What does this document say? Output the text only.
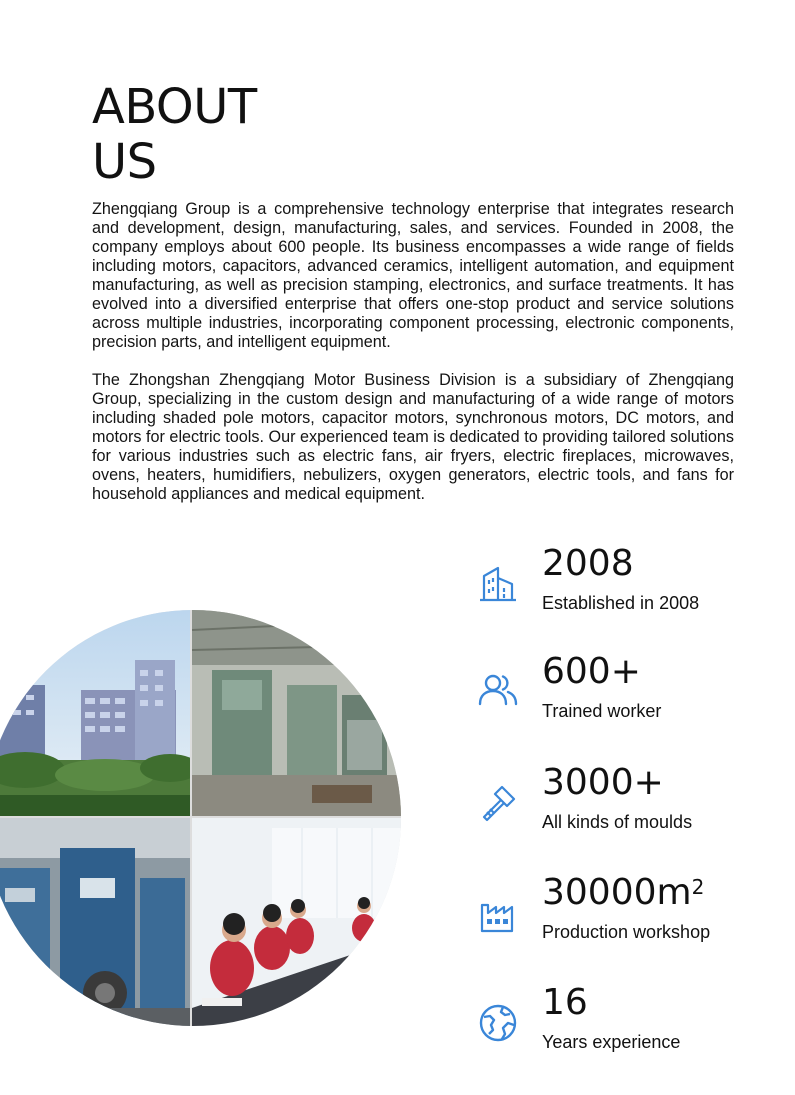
ABOUT
US

Zhengqiang Group is a comprehensive technology enterprise that integrates research and development, design, manufacturing, sales, and services. Founded in 2008, the company employs about 600 people. Its business encompasses a wide range of fields including motors, capacitors, advanced ceramics, intelligent automation, and equipment manufacturing, as well as precision stamping, electronics, and surface treatments. It has evolved into a diversified enterprise that offers one-stop product and service solutions across multiple industries, incorporating component processing, electronic components, precision parts, and intelligent equipment.

The Zhongshan Zhengqiang Motor Business Division is a subsidiary of Zhengqiang Group, specializing in the custom design and manufacturing of a wide range of motors including shaded pole motors, capacitor motors, synchronous motors, DC motors, and motors for electric tools. Our experienced team is dedicated to providing tailored solutions for various industries such as electric fans, air fryers, electric fireplaces, microwaves, ovens, heaters, humidifiers, nebulizers, oxygen generators, electric tools, and fans for household appliances and medical equipment.

2008
Established in 2008
600+
Trained worker
3000+
All kinds of moulds
$30000m^2$
Production workshop
16
Years experience
